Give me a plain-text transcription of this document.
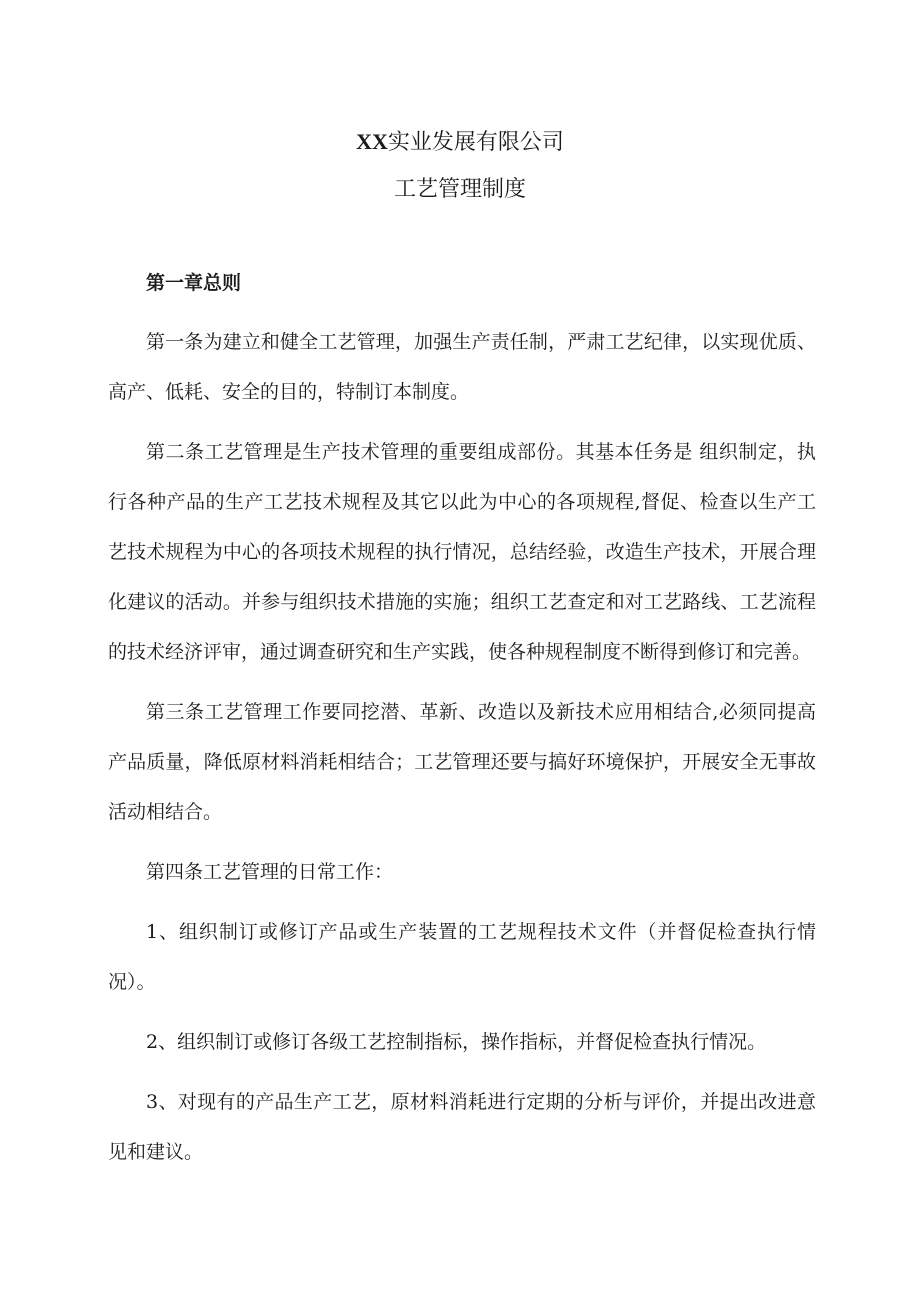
XX实业发展有限公司
工艺管理制度

第一章总则

第一条为建立和健全工艺管理，加强生产责任制，严肃工艺纪律，以实现优质、高产、低耗、安全的目的，特制订本制度。

第二条工艺管理是生产技术管理的重要组成部份。其基本任务是 组织制定，执行各种产品的生产工艺技术规程及其它以此为中心的各项规程,督促、检查以生产工艺技术规程为中心的各项技术规程的执行情况，总结经验，改造生产技术，开展合理化建议的活动。并参与组织技术措施的实施；组织工艺查定和对工艺路线、工艺流程的技术经济评审，通过调查研究和生产实践，使各种规程制度不断得到修订和完善。

第三条工艺管理工作要同挖潜、革新、改造以及新技术应用相结合,必须同提高产品质量，降低原材料消耗相结合；工艺管理还要与搞好环境保护，开展安全无事故活动相结合。

第四条工艺管理的日常工作：

1、组织制订或修订产品或生产装置的工艺规程技术文件（并督促检查执行情况）。

2、组织制订或修订各级工艺控制指标，操作指标，并督促检查执行情况。

3、对现有的产品生产工艺，原材料消耗进行定期的分析与评价，并提出改进意见和建议。
